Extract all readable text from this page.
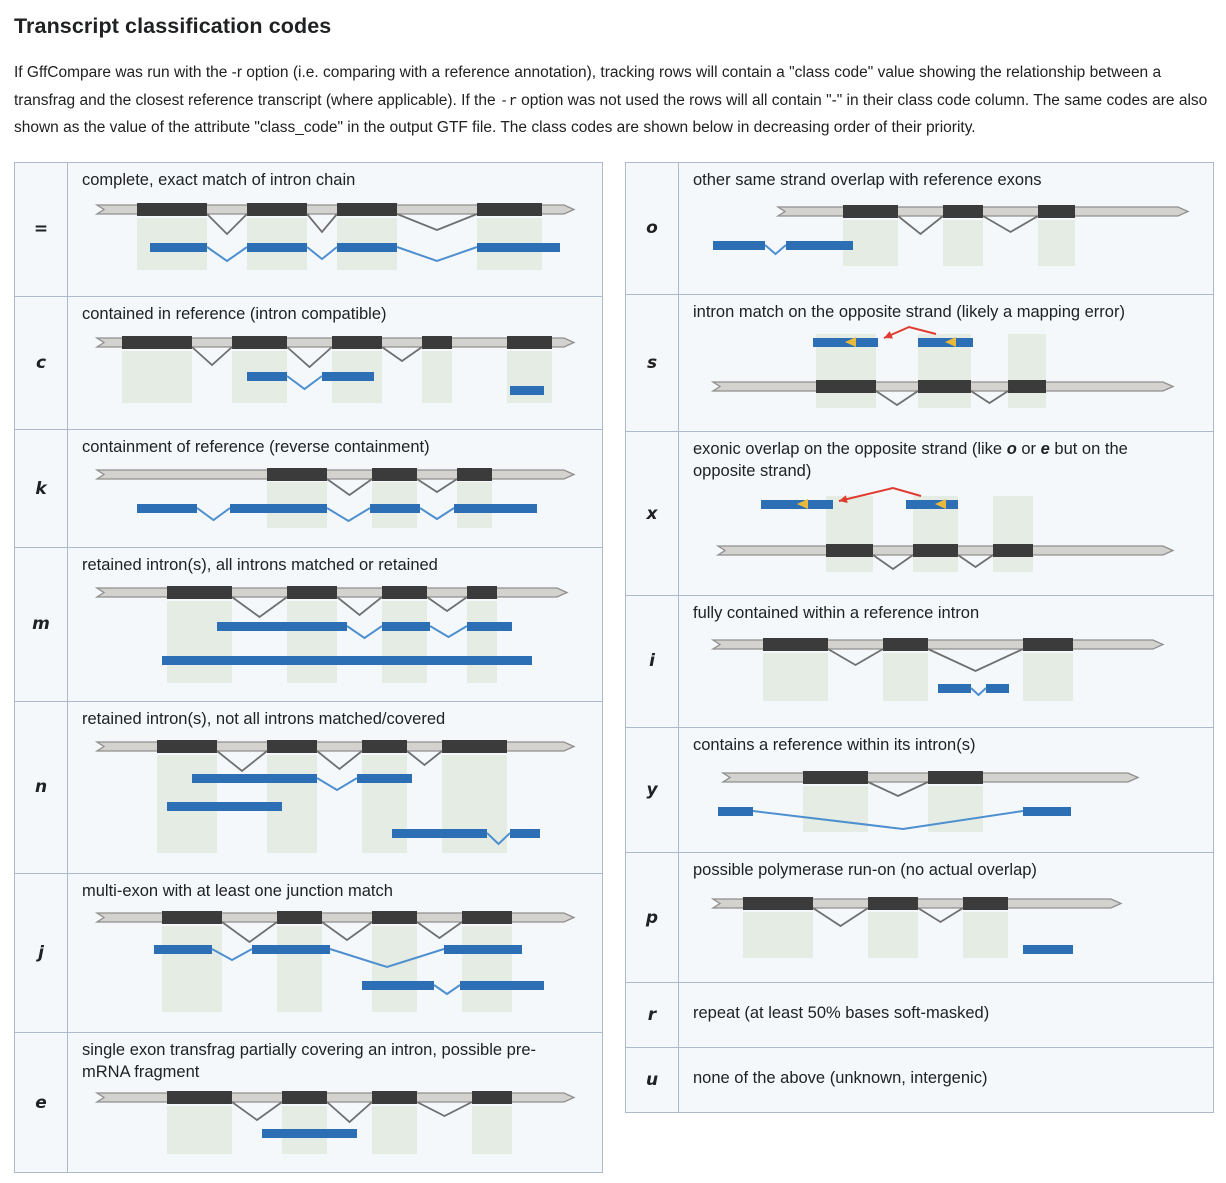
Transcript classification codes

If GffCompare was run with the -r option (i.e. comparing with a reference annotation), tracking rows will contain a "class code" value showing the relationship between a transfrag and the closest reference transcript (where applicable). If the -r option was not used the rows will all contain "-" in their class code column. The same codes are also shown as the value of the attribute "class_code" in the output GTF file. The class codes are shown below in decreasing order of their priority.

=	complete, exact match of intron chain

c	contained in reference (intron compatible)

k	containment of reference (reverse containment)

m	retained intron(s), all introns matched or retained

n	retained intron(s), not all introns matched/covered

j	multi-exon with at least one junction match

e	single exon transfrag partially covering an intron, possible pre-mRNA fragment
o	other same strand overlap with reference exons

s	intron match on the opposite strand (likely a mapping error)

x	exonic overlap on the opposite strand (like o or e but on the opposite strand)

i	fully contained within a reference intron

y	contains a reference within its intron(s)

p	possible polymerase run-on (no actual overlap)

r	repeat (at least 50% bases soft-masked)

u	none of the above (unknown, intergenic)
